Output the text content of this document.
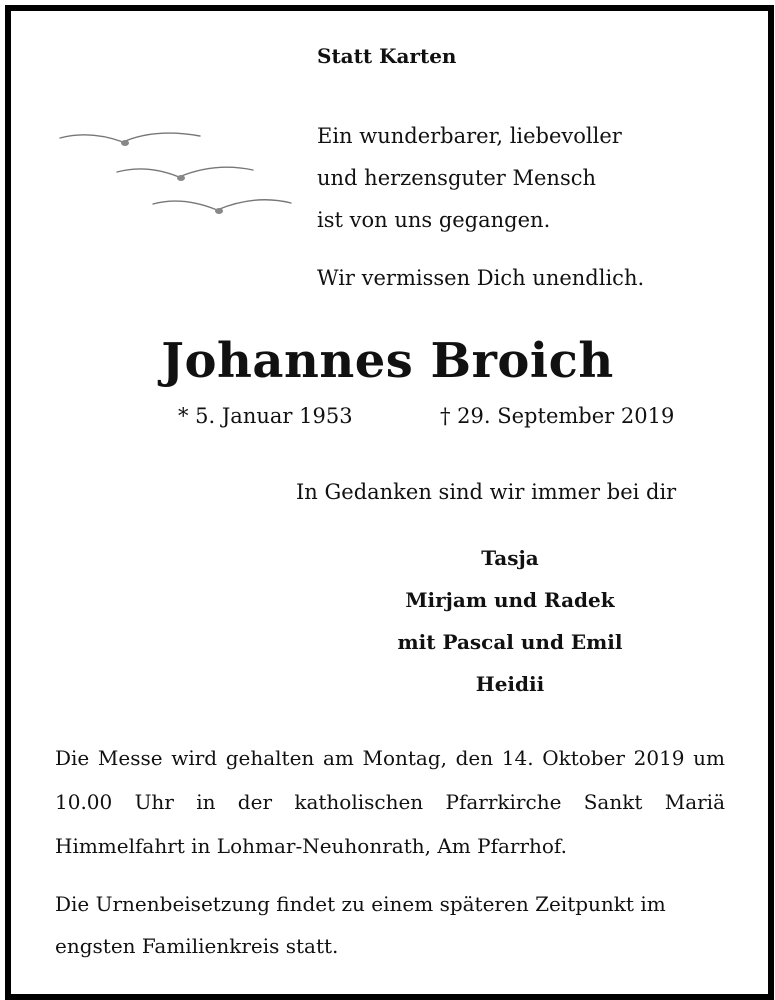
Statt Karten
Ein wunderbarer, liebevoller
und herzensguter Mensch
ist von uns gegangen.
Wir vermissen Dich unendlich.
Johannes Broich
* 5. Januar 1953	† 29. September 2019
In Gedanken sind wir immer bei dir
Tasja
Mirjam und Radek
mit Pascal und Emil
Heidii
Die Messe wird gehalten am Montag, den 14. Oktober 2019 um 10.00 Uhr in der katholischen Pfarrkirche Sankt Mariä Himmelfahrt in Lohmar-Neuhonrath, Am Pfarrhof.
Die Urnenbeisetzung findet zu einem späteren Zeitpunkt im engsten Familienkreis statt.
